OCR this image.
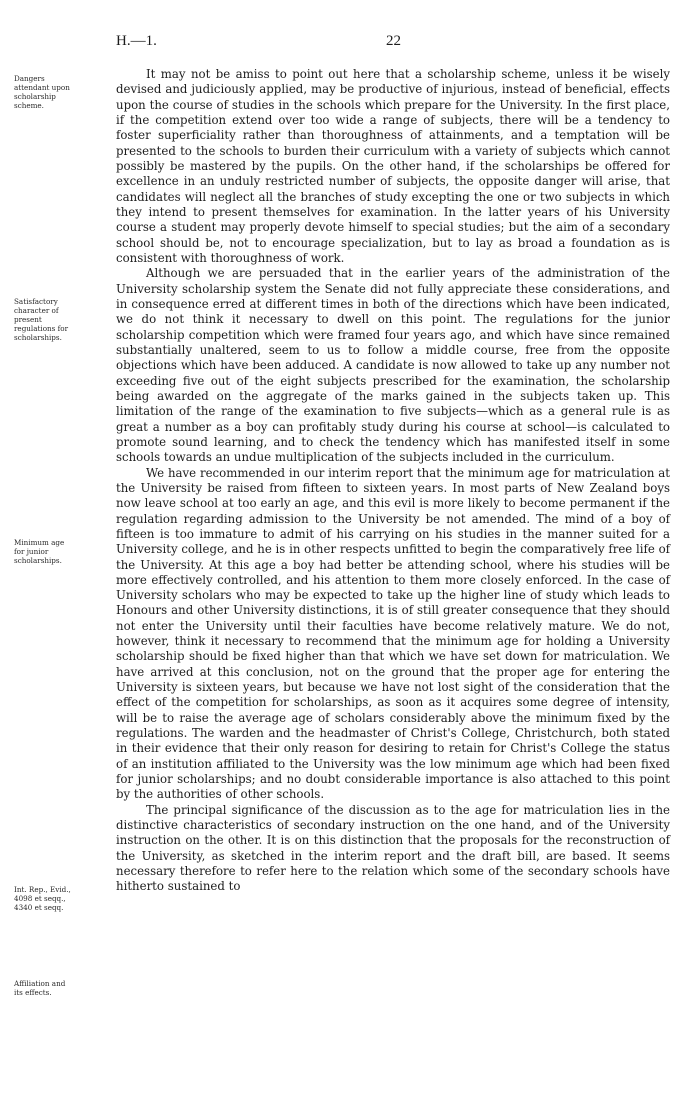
H.—1.	22
Dangers
attendant upon
scholarship
scheme.
Satisfactory
character of
present
regulations for
scholarships.
Minimum age
for junior
scholarships.
Int. Rep., Evid.,
4098 et seqq.,
4340 et seqq.
Affiliation and
its effects.

It may not be amiss to point out here that a scholarship scheme, unless it be wisely devised and judiciously applied, may be productive of injurious, instead of beneficial, effects upon the course of studies in the schools which prepare for the University. In the first place, if the competition extend over too wide a range of subjects, there will be a tendency to foster superficiality rather than thoroughness of attainments, and a temptation will be presented to the schools to burden their curriculum with a variety of subjects which cannot possibly be mastered by the pupils. On the other hand, if the scholarships be offered for excellence in an unduly restricted number of subjects, the opposite danger will arise, that candidates will neglect all the branches of study excepting the one or two subjects in which they intend to present themselves for examination. In the latter years of his University course a student may properly devote himself to special studies; but the aim of a secondary school should be, not to encourage specialization, but to lay as broad a foundation as is consistent with thoroughness of work.

Although we are persuaded that in the earlier years of the administration of the University scholarship system the Senate did not fully appreciate these considerations, and in consequence erred at different times in both of the directions which have been indicated, we do not think it necessary to dwell on this point. The regulations for the junior scholarship competition which were framed four years ago, and which have since remained substantially unaltered, seem to us to follow a middle course, free from the opposite objections which have been adduced. A candidate is now allowed to take up any number not exceeding five out of the eight subjects prescribed for the examination, the scholarship being awarded on the aggregate of the marks gained in the subjects taken up. This limitation of the range of the examination to five subjects—which as a general rule is as great a number as a boy can profitably study during his course at school—is calculated to promote sound learning, and to check the tendency which has manifested itself in some schools towards an undue multiplication of the subjects included in the curriculum.

We have recommended in our interim report that the minimum age for matriculation at the University be raised from fifteen to sixteen years. In most parts of New Zealand boys now leave school at too early an age, and this evil is more likely to become permanent if the regulation regarding admission to the University be not amended. The mind of a boy of fifteen is too immature to admit of his carrying on his studies in the manner suited for a University college, and he is in other respects unfitted to begin the comparatively free life of the University. At this age a boy had better be attending school, where his studies will be more effectively controlled, and his attention to them more closely enforced. In the case of University scholars who may be expected to take up the higher line of study which leads to Honours and other University distinctions, it is of still greater consequence that they should not enter the University until their faculties have become relatively mature. We do not, however, think it necessary to recommend that the minimum age for holding a University scholarship should be fixed higher than that which we have set down for matriculation. We have arrived at this conclusion, not on the ground that the proper age for entering the University is sixteen years, but because we have not lost sight of the consideration that the effect of the competition for scholarships, as soon as it acquires some degree of intensity, will be to raise the average age of scholars considerably above the minimum fixed by the regulations. The warden and the headmaster of Christ's College, Christchurch, both stated in their evidence that their only reason for desiring to retain for Christ's College the status of an institution affiliated to the University was the low minimum age which had been fixed for junior scholarships; and no doubt considerable importance is also attached to this point by the authorities of other schools.

The principal significance of the discussion as to the age for matriculation lies in the distinctive characteristics of secondary instruction on the one hand, and of the University instruction on the other. It is on this distinction that the proposals for the reconstruction of the University, as sketched in the interim report and the draft bill, are based. It seems necessary therefore to refer here to the relation which some of the secondary schools have hitherto sustained to
